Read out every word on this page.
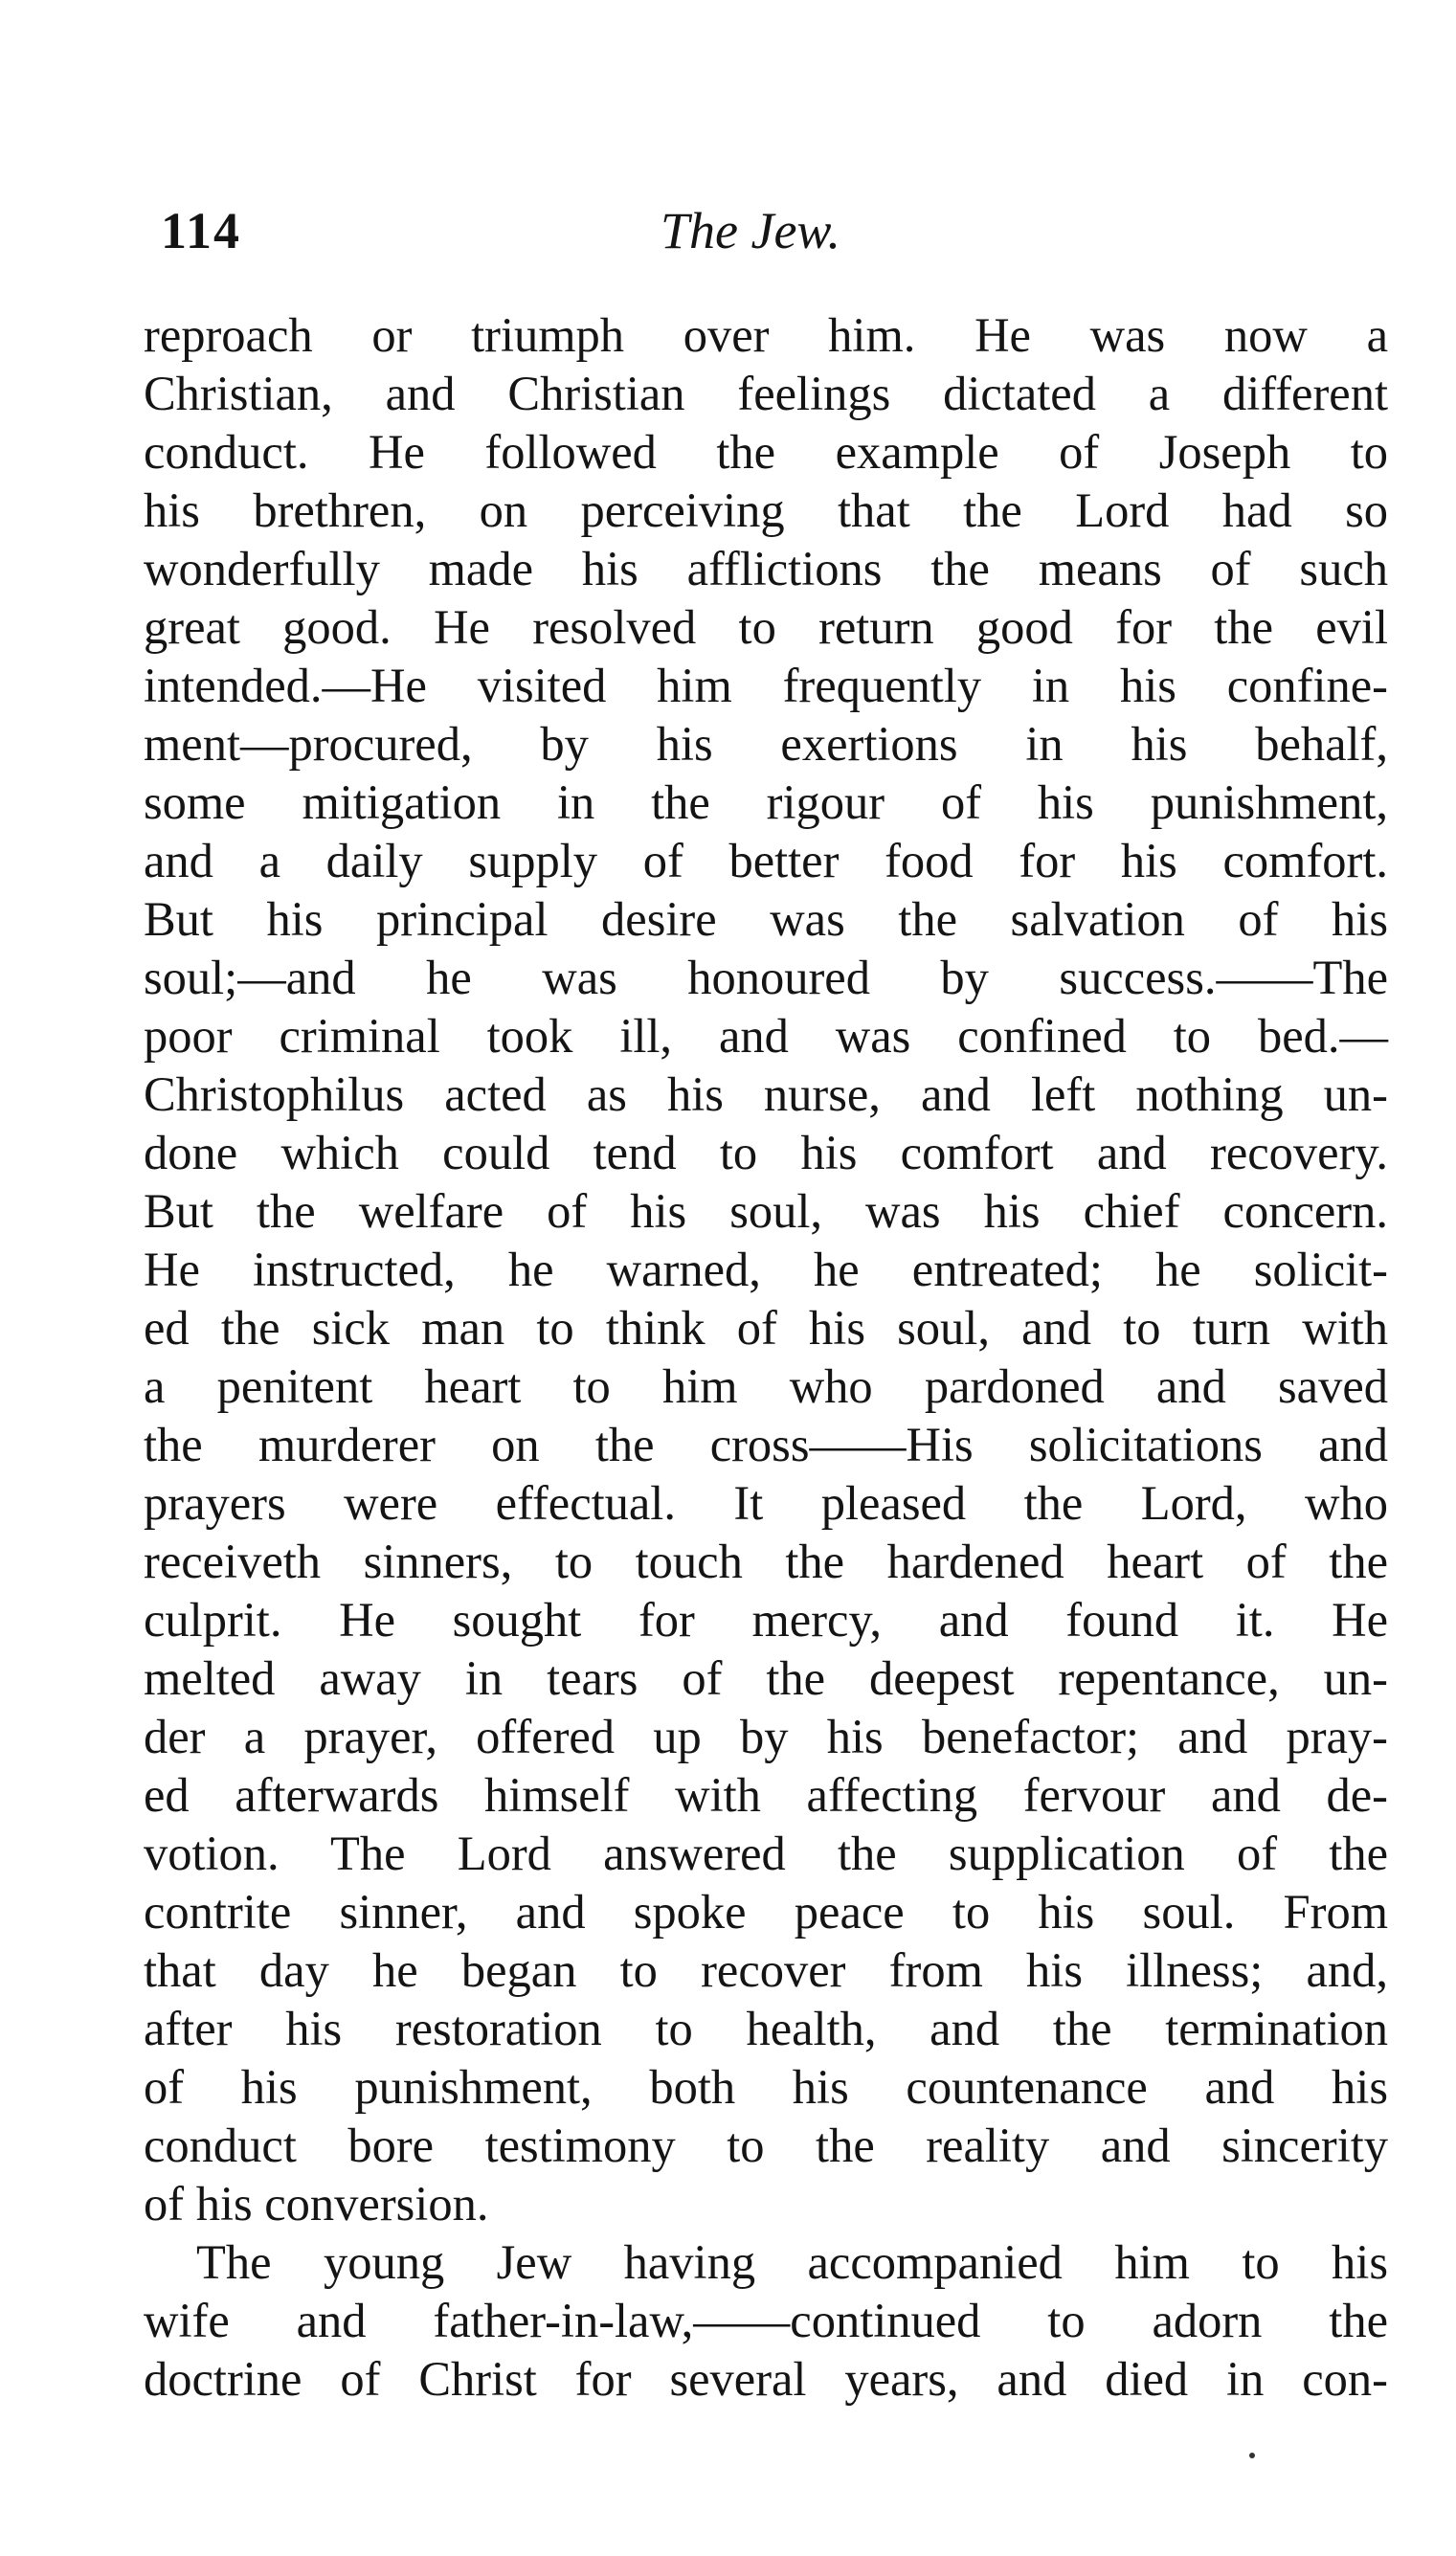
114	The Jew.
reproach or triumph over him. He was now a
Christian, and Christian feelings dictated a different
conduct. He followed the example of Joseph to
his brethren, on perceiving that the Lord had so
wonderfully made his afflictions the means of such
great good. He resolved to return good for the evil
intended.—He visited him frequently in his confine-
ment—procured, by his exertions in his behalf,
some mitigation in the rigour of his punishment,
and a daily supply of better food for his comfort.
But his principal desire was the salvation of his
soul;—and he was honoured by success.——The
poor criminal took ill, and was confined to bed.—
Christophilus acted as his nurse, and left nothing un-
done which could tend to his comfort and recovery.
But the welfare of his soul, was his chief concern.
He instructed, he warned, he entreated; he solicit-
ed the sick man to think of his soul, and to turn with
a penitent heart to him who pardoned and saved
the murderer on the cross——His solicitations and
prayers were effectual. It pleased the Lord, who
receiveth sinners, to touch the hardened heart of the
culprit. He sought for mercy, and found it. He
melted away in tears of the deepest repentance, un-
der a prayer, offered up by his benefactor; and pray-
ed afterwards himself with affecting fervour and de-
votion. The Lord answered the supplication of the
contrite sinner, and spoke peace to his soul. From
that day he began to recover from his illness; and,
after his restoration to health, and the termination
of his punishment, both his countenance and his
conduct bore testimony to the reality and sincerity
of his conversion.
The young Jew having accompanied him to his
wife and father-in-law,——continued to adorn the
doctrine of Christ for several years, and died in con-
